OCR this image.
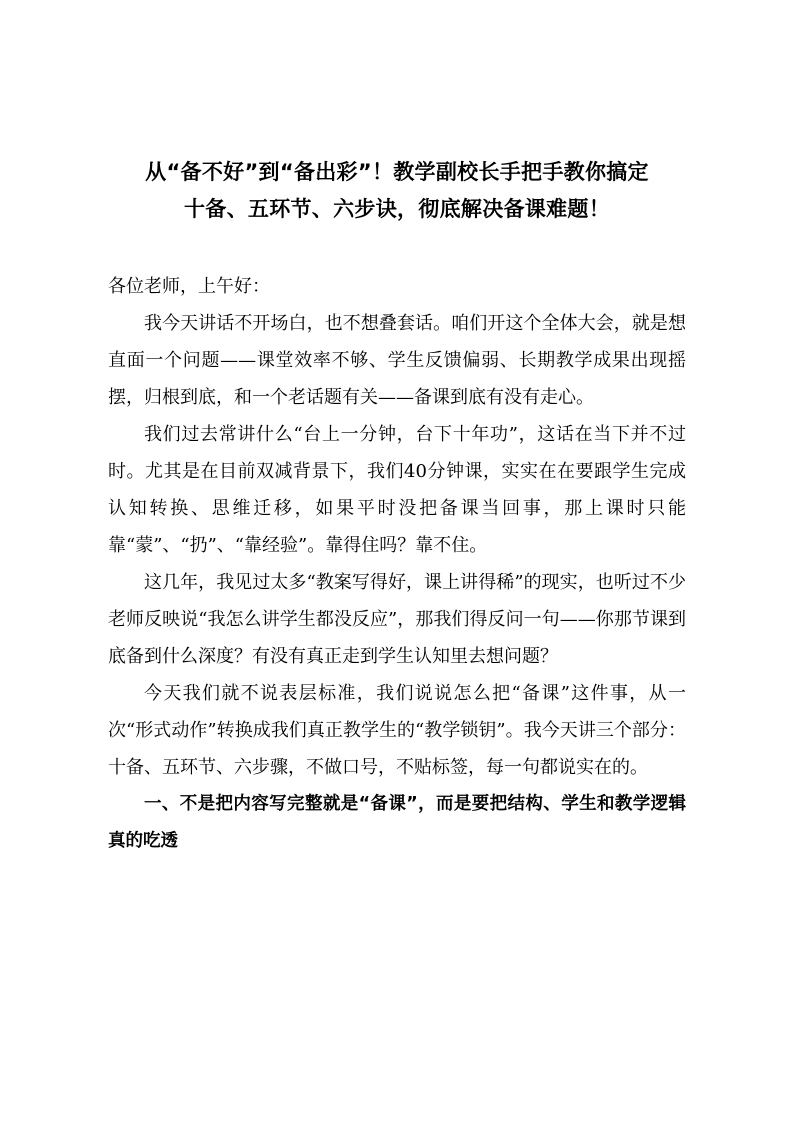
从“备不好”到“备出彩”！教学副校长手把手教你搞定
十备、五环节、六步诀，彻底解决备课难题！

各位老师，上午好：

我今天讲话不开场白，也不想叠套话。咱们开这个全体大会，就是想直面一个问题——课堂效率不够、学生反馈偏弱、长期教学成果出现摇摆，归根到底，和一个老话题有关——备课到底有没有走心。

我们过去常讲什么“台上一分钟，台下十年功”，这话在当下并不过时。尤其是在目前双减背景下，我们40分钟课，实实在在要跟学生完成认知转换、思维迁移，如果平时没把备课当回事，那上课时只能靠“蒙”、“扔”、“靠经验”。靠得住吗？靠不住。

这几年，我见过太多“教案写得好，课上讲得稀”的现实，也听过不少老师反映说“我怎么讲学生都没反应”，那我们得反问一句——你那节课到底备到什么深度？有没有真正走到学生认知里去想问题？

今天我们就不说表层标准，我们说说怎么把“备课”这件事，从一次“形式动作”转换成我们真正教学生的“教学锁钥”。我今天讲三个部分：十备、五环节、六步骤，不做口号，不贴标签，每一句都说实在的。

一、不是把内容写完整就是“备课”，而是要把结构、学生和教学逻辑真的吃透
